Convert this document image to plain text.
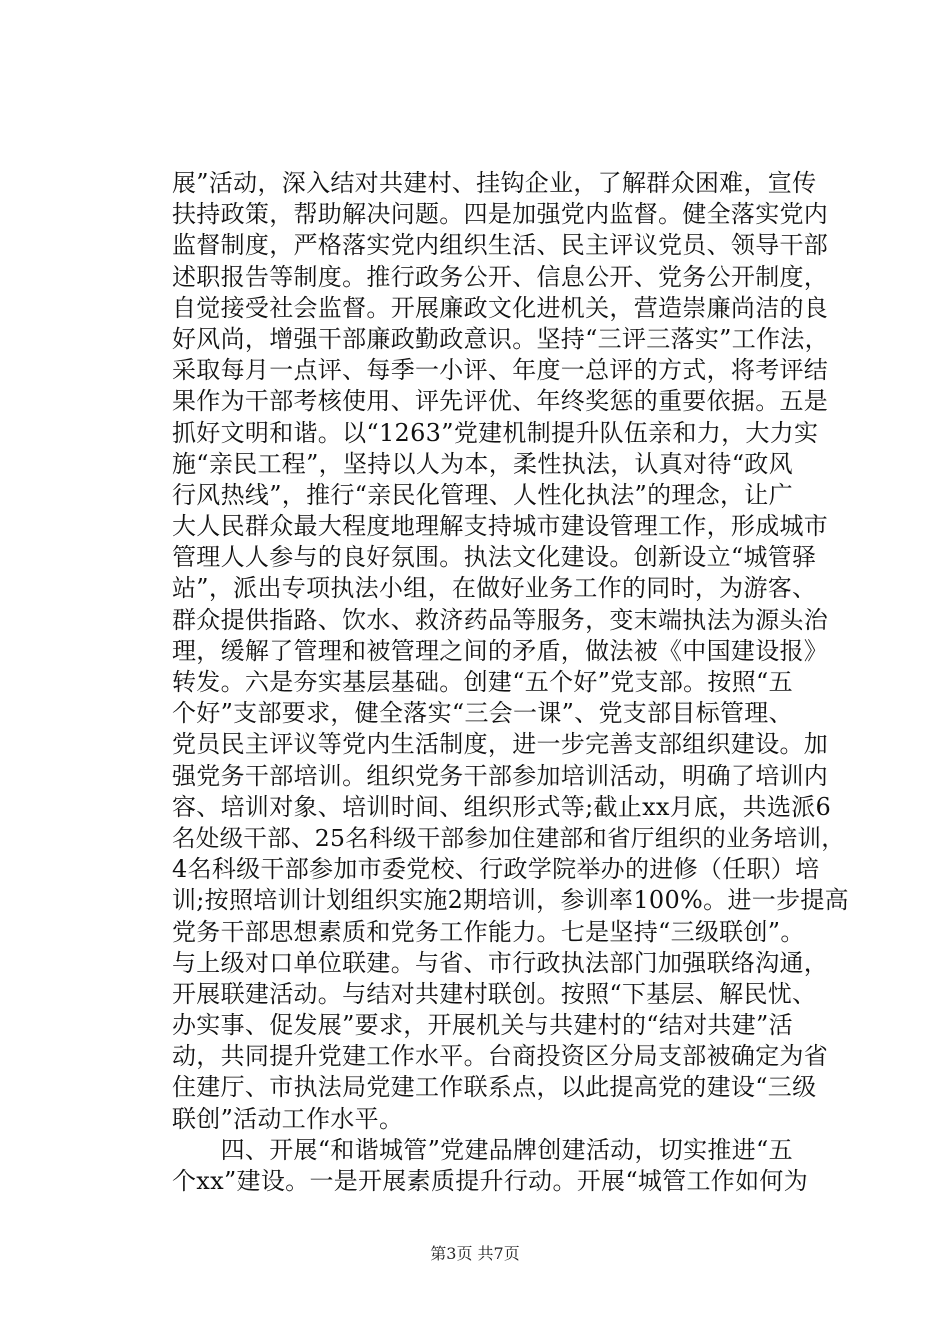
展”活动，深入结对共建村、挂钩企业，了解群众困难，宣传
扶持政策，帮助解决问题。四是加强党内监督。健全落实党内
监督制度，严格落实党内组织生活、民主评议党员、领导干部
述职报告等制度。推行政务公开、信息公开、党务公开制度，
自觉接受社会监督。开展廉政文化进机关，营造崇廉尚洁的良
好风尚，增强干部廉政勤政意识。坚持“三评三落实”工作法，
采取每月一点评、每季一小评、年度一总评的方式，将考评结
果作为干部考核使用、评先评优、年终奖惩的重要依据。五是
抓好文明和谐。以“1263”党建机制提升队伍亲和力，大力实
施“亲民工程”，坚持以人为本，柔性执法，认真对待“政风
行风热线”，推行“亲民化管理、人性化执法”的理念，让广
大人民群众最大程度地理解支持城市建设管理工作，形成城市
管理人人参与的良好氛围。执法文化建设。创新设立“城管驿
站”，派出专项执法小组，在做好业务工作的同时，为游客、
群众提供指路、饮水、救济药品等服务，变末端执法为源头治
理，缓解了管理和被管理之间的矛盾，做法被《中国建设报》
转发。六是夯实基层基础。创建“五个好”党支部。按照“五
个好”支部要求，健全落实“三会一课”、党支部目标管理、
党员民主评议等党内生活制度，进一步完善支部组织建设。加
强党务干部培训。组织党务干部参加培训活动，明确了培训内
容、培训对象、培训时间、组织形式等;截止xx月底，共选派6
名处级干部、25名科级干部参加住建部和省厅组织的业务培训，
4名科级干部参加市委党校、行政学院举办的进修（任职）培
训;按照培训计划组织实施2期培训，参训率100%。进一步提高
党务干部思想素质和党务工作能力。七是坚持“三级联创”。
与上级对口单位联建。与省、市行政执法部门加强联络沟通，
开展联建活动。与结对共建村联创。按照“下基层、解民忧、
办实事、促发展”要求，开展机关与共建村的“结对共建”活
动，共同提升党建工作水平。台商投资区分局支部被确定为省
住建厅、市执法局党建工作联系点，以此提高党的建设“三级
联创”活动工作水平。
　　四、开展“和谐城管”党建品牌创建活动，切实推进“五
个xx”建设。一是开展素质提升行动。开展“城管工作如何为
第3页 共7页
